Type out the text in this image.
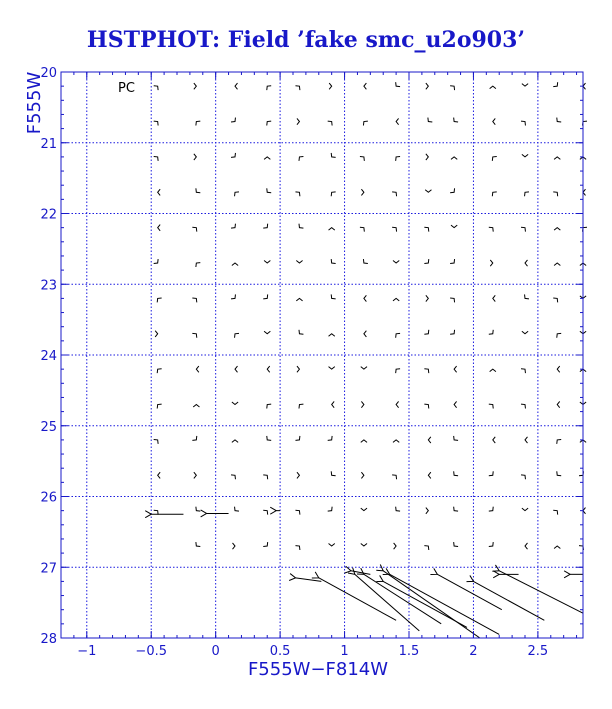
HSTPHOT: Field ’fake smc_u2o903’
−1	−0.5	0	0.5	1	1.5	2	2.5
20
21
22
23
24
25
26
27
28
PC
F555W−F814W
F555W
